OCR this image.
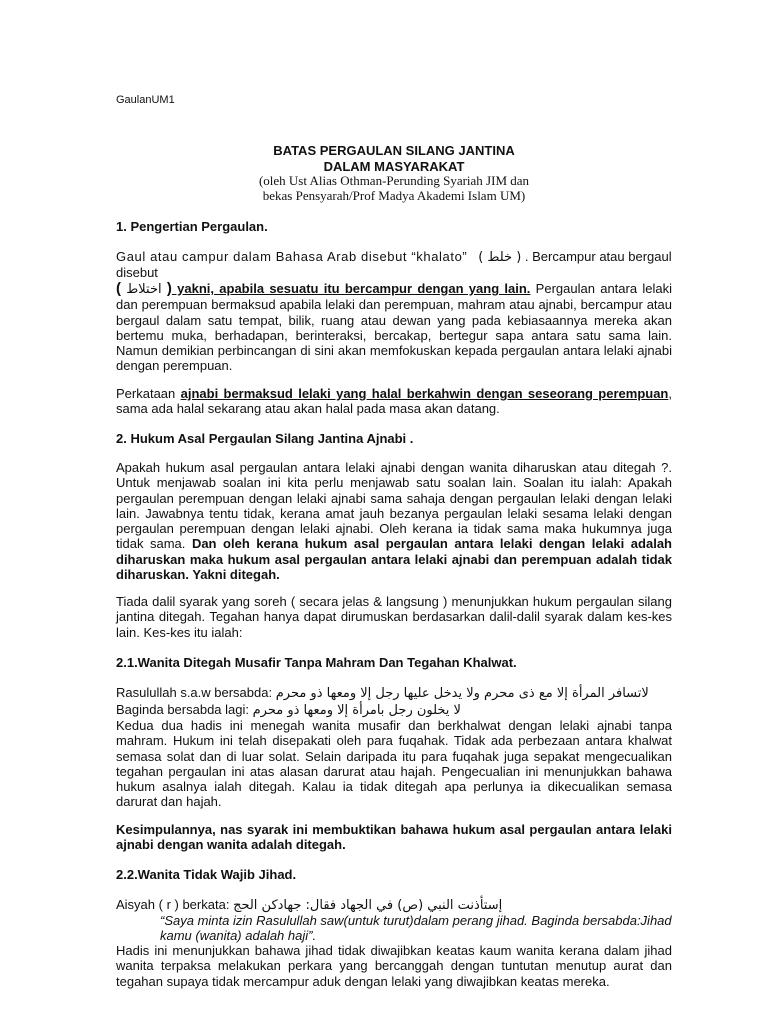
GaulanUM1
BATAS PERGAULAN SILANG JANTINA
DALAM MASYARAKAT
(oleh Ust Alias Othman-Perunding Syariah JIM dan
bekas Pensyarah/Prof Madya Akademi Islam UM)
1. Pengertian Pergaulan.
Gaul atau campur dalam Bahasa Arab disebut “khalato” ( خلط ) . Bercampur atau bergaul disebut
( اختلاط ) yakni, apabila sesuatu itu bercampur dengan yang lain. Pergaulan antara lelaki dan perempuan bermaksud apabila lelaki dan perempuan, mahram atau ajnabi, bercampur atau bergaul dalam satu tempat, bilik, ruang atau dewan yang pada kebiasaannya mereka akan bertemu muka, berhadapan, berinteraksi, bercakap, bertegur sapa antara satu sama lain. Namun demikian perbincangan di sini akan memfokuskan kepada pergaulan antara lelaki ajnabi dengan perempuan.
Perkataan ajnabi bermaksud lelaki yang halal berkahwin dengan seseorang perempuan, sama ada halal sekarang atau akan halal pada masa akan datang.
2. Hukum Asal Pergaulan Silang Jantina Ajnabi .
Apakah hukum asal pergaulan antara lelaki ajnabi dengan wanita diharuskan atau ditegah ?. Untuk menjawab soalan ini kita perlu menjawab satu soalan lain. Soalan itu ialah: Apakah pergaulan perempuan dengan lelaki ajnabi sama sahaja dengan pergaulan lelaki dengan lelaki lain. Jawabnya tentu tidak, kerana amat jauh bezanya pergaulan lelaki sesama lelaki dengan pergaulan perempuan dengan lelaki ajnabi. Oleh kerana ia tidak sama maka hukumnya juga tidak sama. Dan oleh kerana hukum asal pergaulan antara lelaki dengan lelaki adalah diharuskan maka hukum asal pergaulan antara lelaki ajnabi dan perempuan adalah tidak diharuskan. Yakni ditegah.
Tiada dalil syarak yang soreh ( secara jelas & langsung ) menunjukkan hukum pergaulan silang jantina ditegah. Tegahan hanya dapat dirumuskan berdasarkan dalil-dalil syarak dalam kes-kes lain. Kes-kes itu ialah:
2.1.Wanita Ditegah Musafir Tanpa Mahram Dan Tegahan Khalwat.
Rasulullah s.a.w bersabda: لاتسافر المرأة إلا مع ذى محرم ولا يدخل عليها رجل إلا ومعها ذو محرم
Baginda bersabda lagi: لا يخلون رجل بامرأة إلا ومعها ذو محرم
Kedua dua hadis ini menegah wanita musafir dan berkhalwat dengan lelaki ajnabi tanpa mahram. Hukum ini telah disepakati oleh para fuqahak. Tidak ada perbezaan antara khalwat semasa solat dan di luar solat. Selain daripada itu para fuqahak juga sepakat mengecualikan tegahan pergaulan ini atas alasan darurat atau hajah. Pengecualian ini menunjukkan bahawa hukum asalnya ialah ditegah. Kalau ia tidak ditegah apa perlunya ia dikecualikan semasa darurat dan hajah.
Kesimpulannya, nas syarak ini membuktikan bahawa hukum asal pergaulan antara lelaki ajnabi dengan wanita adalah ditegah.
2.2.Wanita Tidak Wajib Jihad.
Aisyah ( r ) berkata: إستأذنت النبي (ص) في الجهاد فقال: جهادكن الحج
“Saya minta izin Rasulullah saw(untuk turut)dalam perang jihad. Baginda bersabda:Jihad kamu (wanita) adalah haji”.
Hadis ini menunjukkan bahawa jihad tidak diwajibkan keatas kaum wanita kerana dalam jihad wanita terpaksa melakukan perkara yang bercanggah dengan tuntutan menutup aurat dan tegahan supaya tidak mercampur aduk dengan lelaki yang diwajibkan keatas mereka.
